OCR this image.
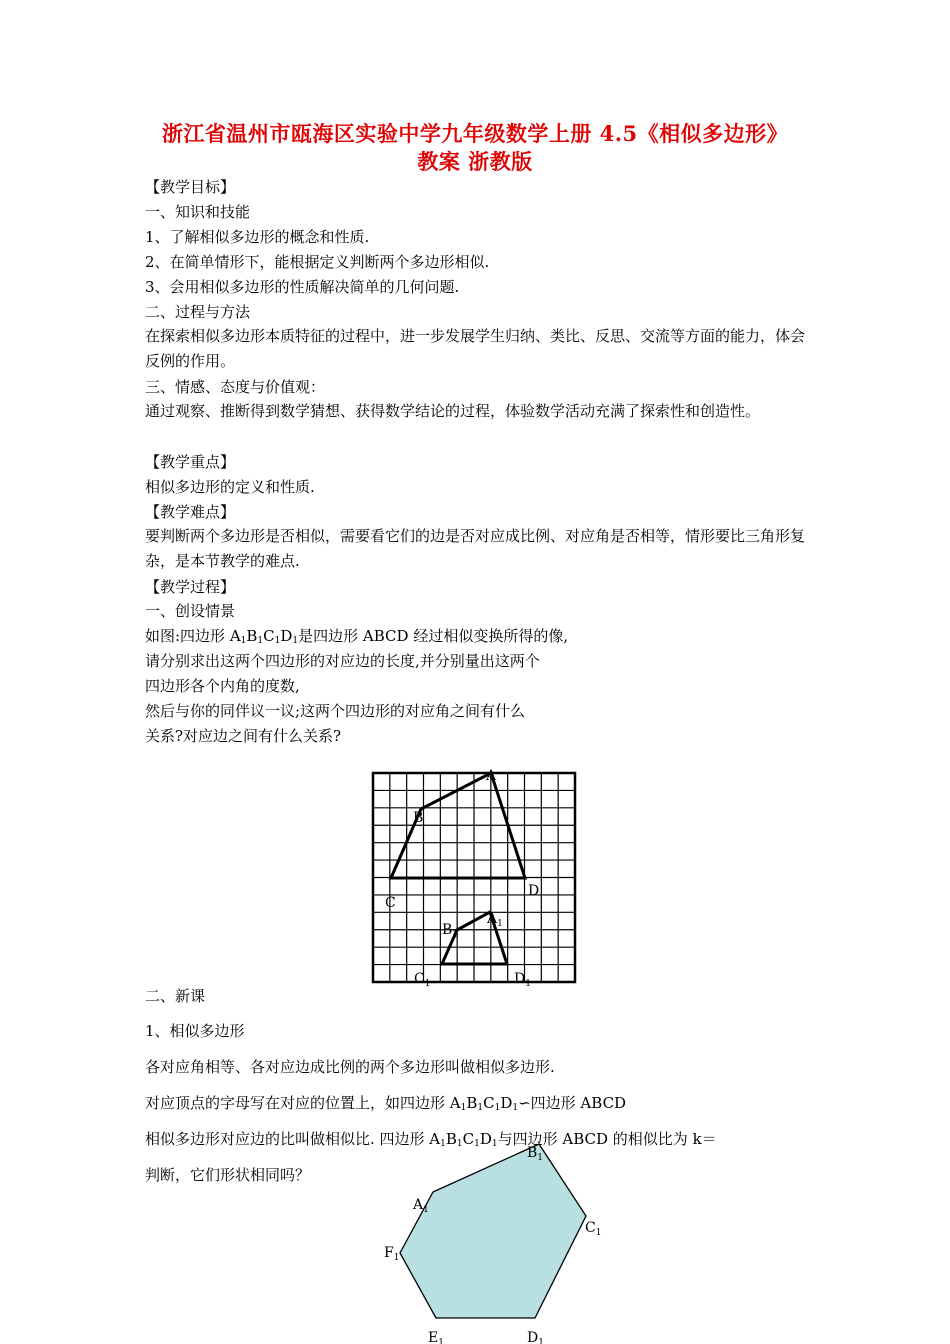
浙江省温州市瓯海区实验中学九年级数学上册 4.5《相似多边形》
教案 浙教版
【教学目标】
一、知识和技能
1、了解相似多边形的概念和性质.
2、在简单情形下，能根据定义判断两个多边形相似.
3、会用相似多边形的性质解决简单的几何问题.
二、过程与方法
在探索相似多边形本质特征的过程中，进一步发展学生归纳、类比、反思、交流等方面的能力，体会反例的作用。
三、情感、态度与价值观：
通过观察、推断得到数学猜想、获得数学结论的过程，体验数学活动充满了探索性和创造性。
【教学重点】
相似多边形的定义和性质.
【教学难点】
要判断两个多边形是否相似，需要看它们的边是否对应成比例、对应角是否相等，情形要比三角形复杂，是本节教学的难点.
【教学过程】
一、创设情景
如图:四边形 $A_1B_1C_1D_1$是四边形 ABCD 经过相似变换所得的像,
请分别求出这两个四边形的对应边的长度,并分别量出这两个
四边形各个内角的度数,
然后与你的同伴议一议;这两个四边形的对应角之间有什么
关系?对应边之间有什么关系?
A
B
C
D
$A_1$
$B_1$
$C_1$	$D_1$
二、新课
1、相似多边形
各对应角相等、各对应边成比例的两个多边形叫做相似多边形.
对应顶点的字母写在对应的位置上，如四边形 $A_1B_1C_1D_1∽$四边形 ABCD
相似多边形对应边的比叫做相似比. 四边形 $A_1B_1C_1D_1$与四边形 ABCD 的相似比为 k＝
判断，它们形状相同吗？
$A_1$
$B_1$
$C_1$
$D_1$
$E_1$
$F_1$
